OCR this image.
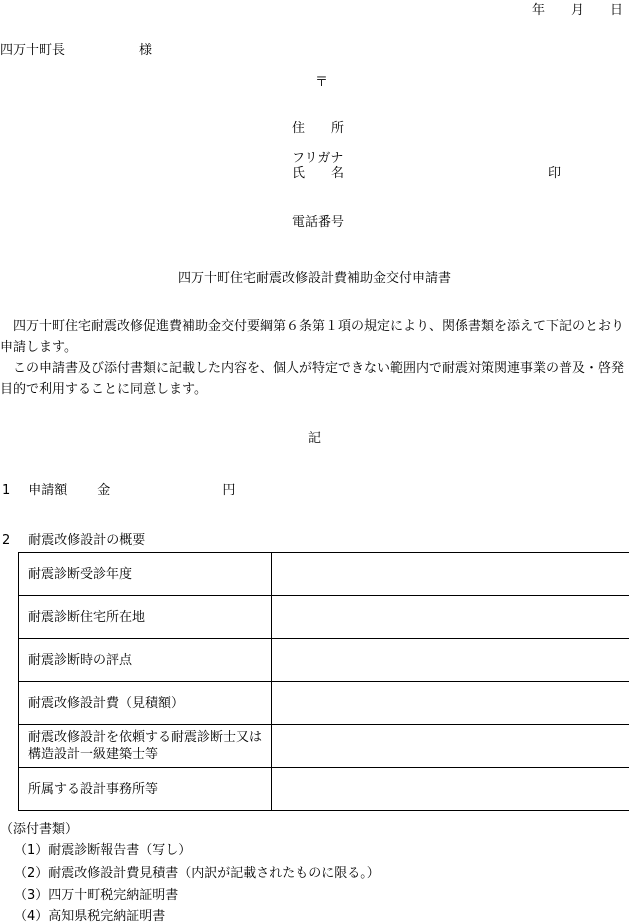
年 月 日
四万十町長	様
〒
住　　所
フリガナ
氏　　名	印
電話番号
四万十町住宅耐震改修設計費補助金交付申請書
　四万十町住宅耐震改修促進費補助金交付要綱第６条第１項の規定により、関係書類を添えて下記のとおり申請します。
　この申請書及び添付書類に記載した内容を、個人が特定できない範囲内で耐震対策関連事業の普及・啓発目的で利用することに同意します。
記
1 申請額 金	円
2 耐震改修設計の概要
耐震診断受診年度	
耐震診断住宅所在地	
耐震診断時の評点	
耐震改修設計費（見積額）	
耐震改修設計を依頼する耐震診断士又は構造設計一級建築士等	
所属する設計事務所等	
（添付書類）
（1）耐震診断報告書（写し）
（2）耐震改修設計費見積書（内訳が記載されたものに限る。）
（3）四万十町税完納証明書
（4）高知県税完納証明書
